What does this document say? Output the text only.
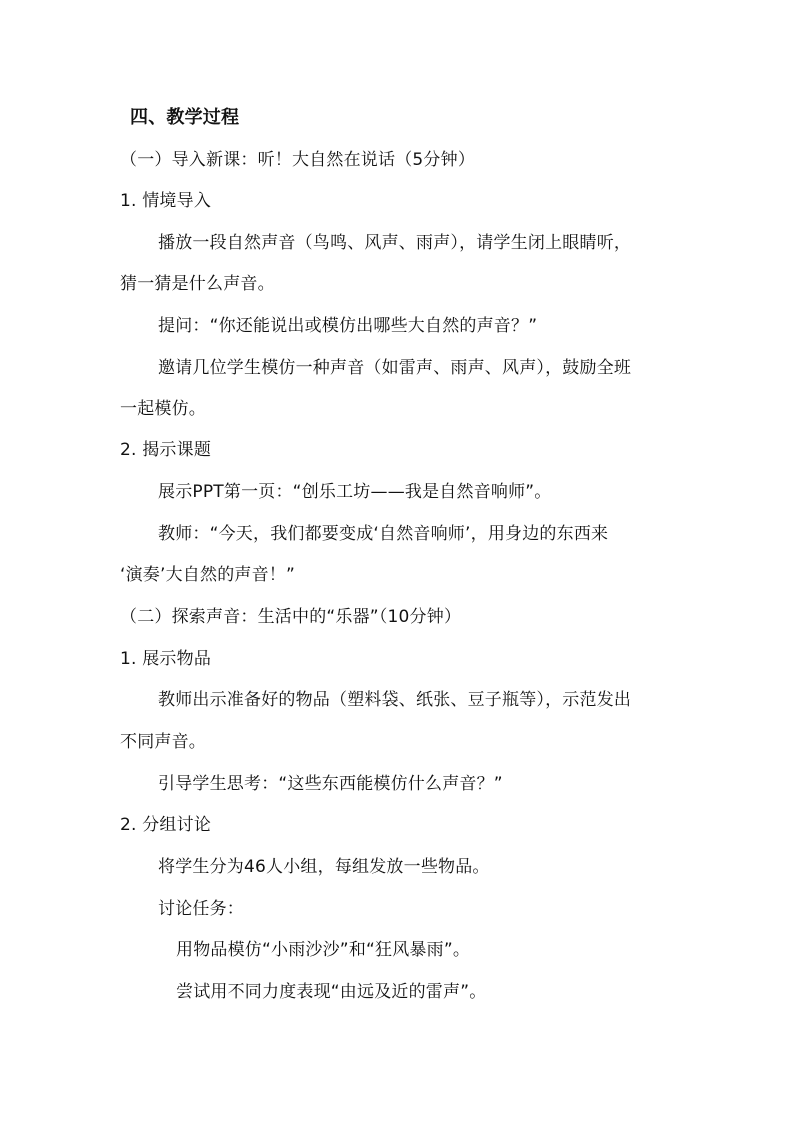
四、教学过程
（一）导入新课：听！大自然在说话（5分钟）
1. 情境导入
播放一段自然声音（鸟鸣、风声、雨声），请学生闭上眼睛听，
猜一猜是什么声音。
提问：“你还能说出或模仿出哪些大自然的声音？”
邀请几位学生模仿一种声音（如雷声、雨声、风声），鼓励全班
一起模仿。
2. 揭示课题
展示PPT第一页：“创乐工坊——我是自然音响师”。
教师：“今天，我们都要变成‘自然音响师’，用身边的东西来
‘演奏’大自然的声音！”
（二）探索声音：生活中的“乐器”（10分钟）
1. 展示物品
教师出示准备好的物品（塑料袋、纸张、豆子瓶等），示范发出
不同声音。
引导学生思考：“这些东西能模仿什么声音？”
2. 分组讨论
将学生分为46人小组，每组发放一些物品。
讨论任务：
用物品模仿“小雨沙沙”和“狂风暴雨”。
尝试用不同力度表现“由远及近的雷声”。
